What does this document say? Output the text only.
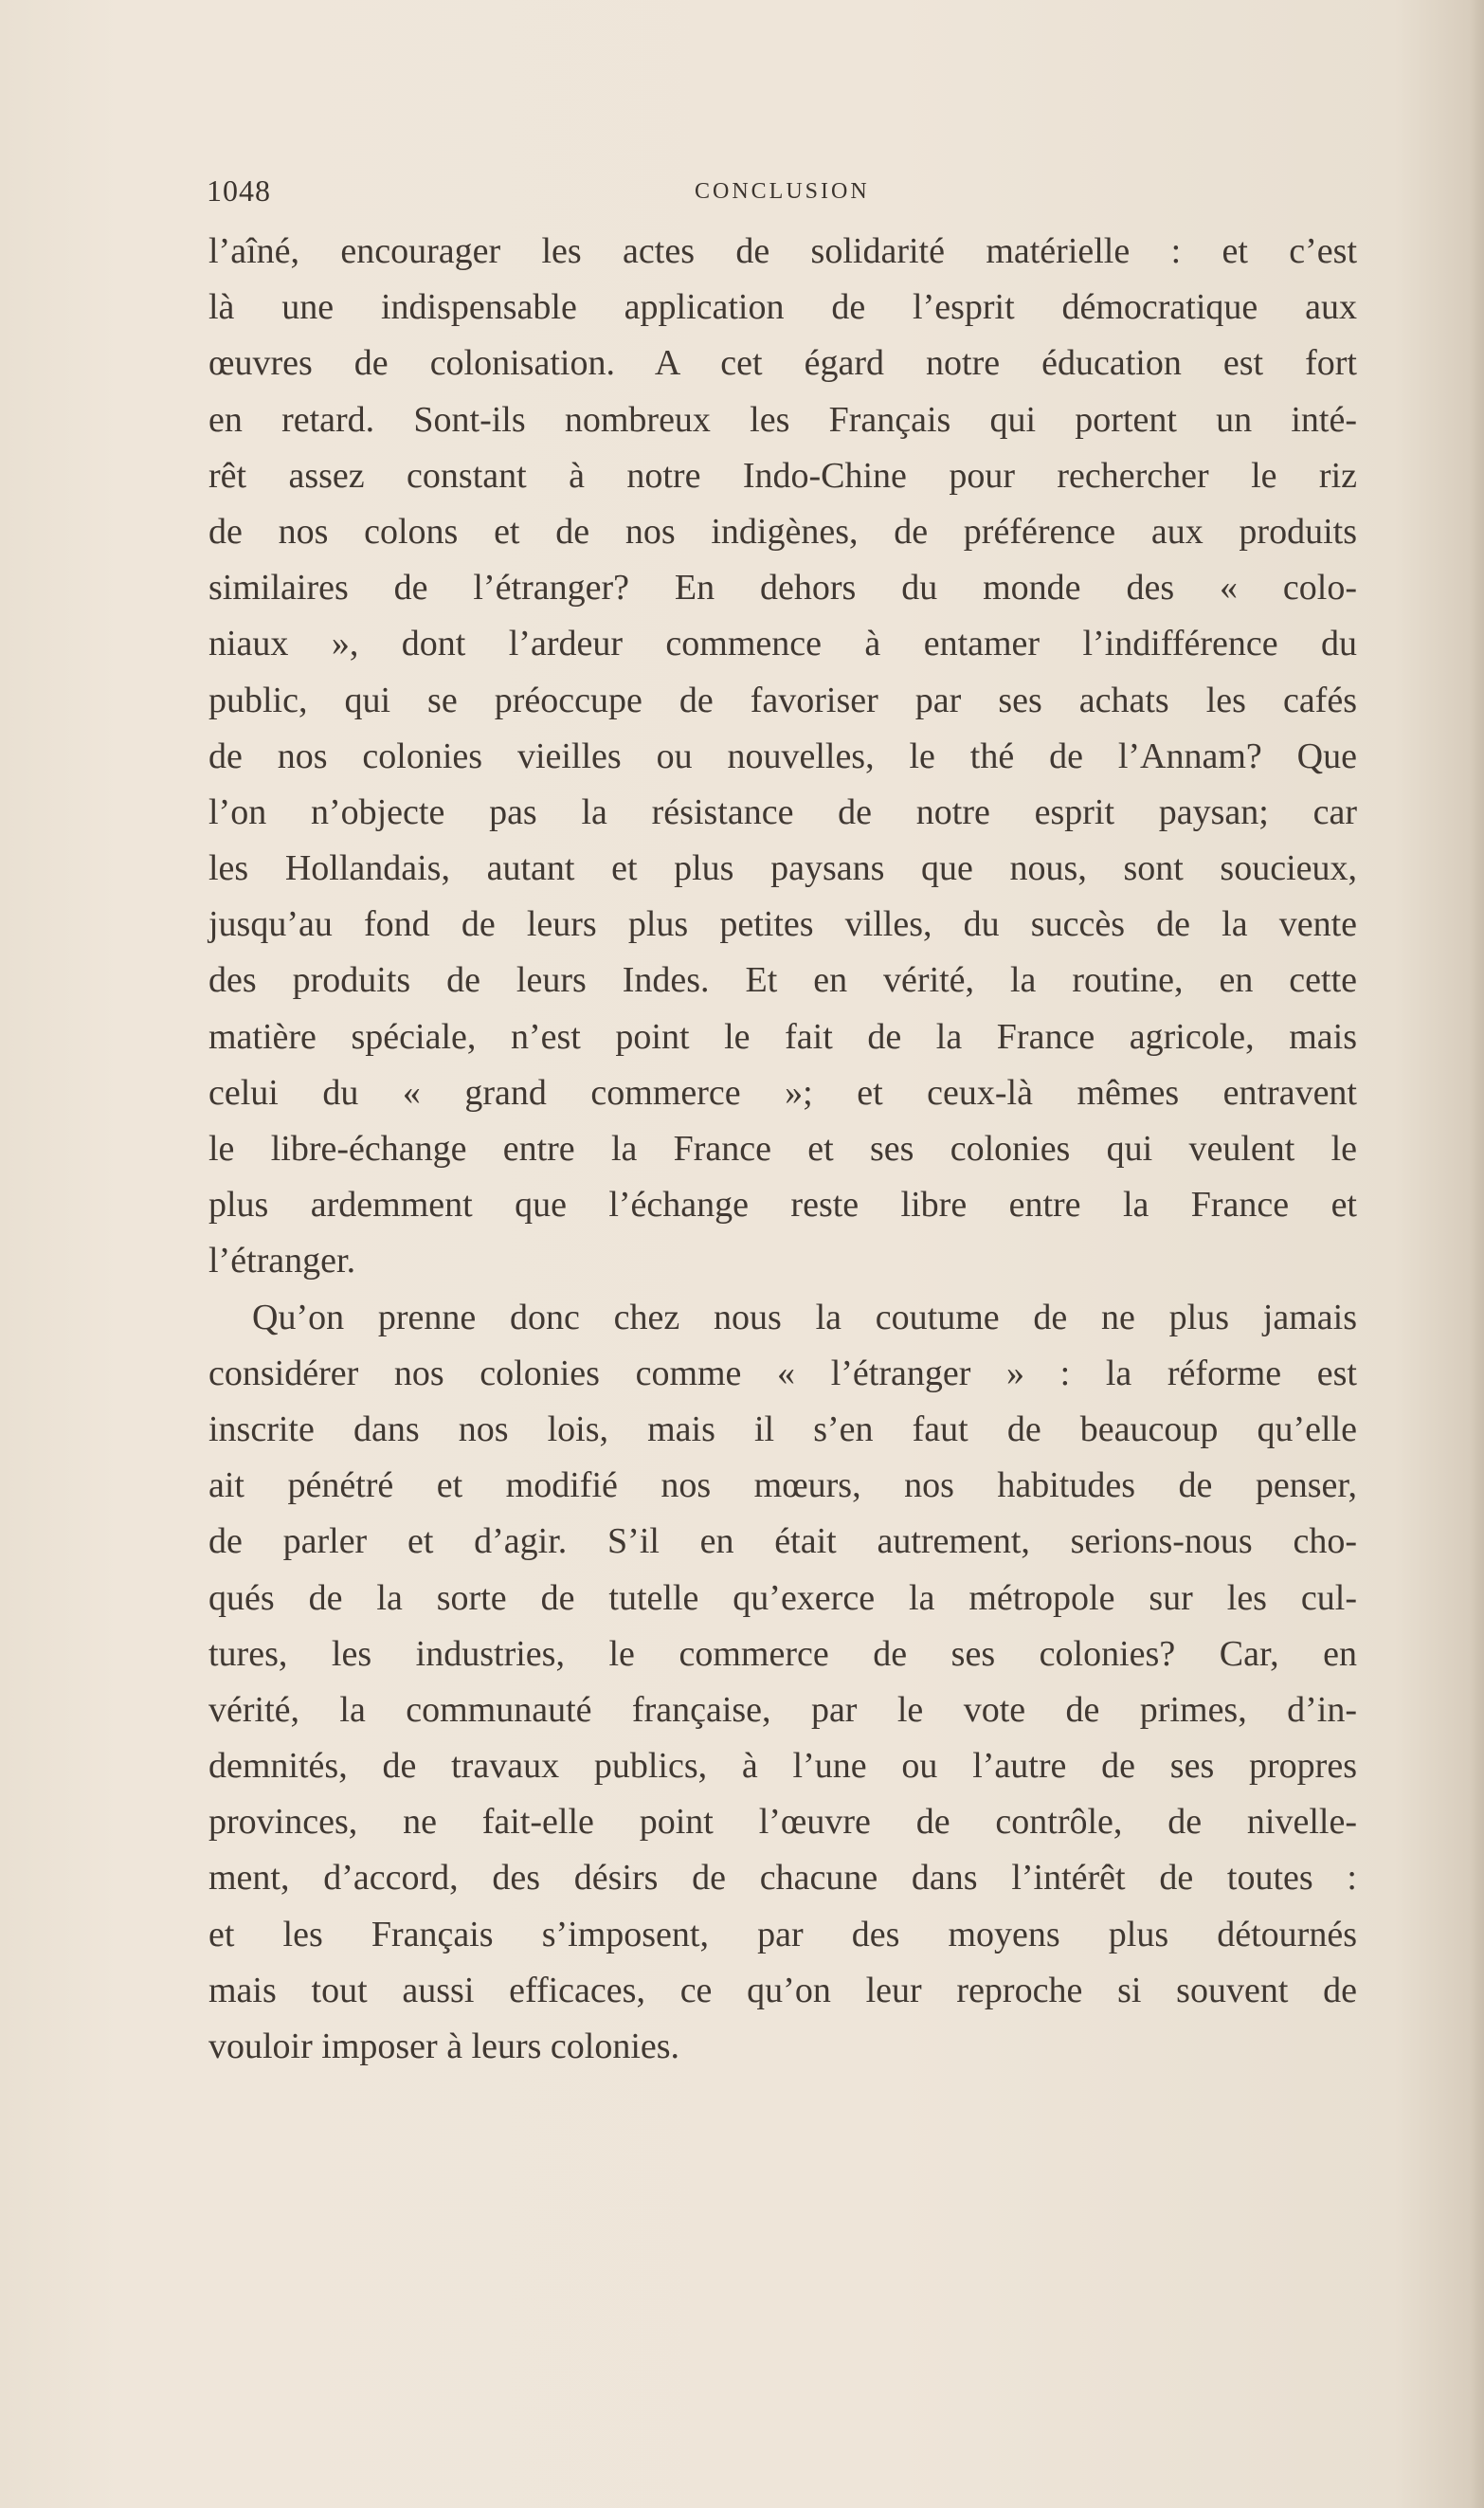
1048	CONCLUSION
l’aîné, encourager les actes de solidarité matérielle : et c’est
là une indispensable application de l’esprit démocratique aux
œuvres de colonisation. A cet égard notre éducation est fort
en retard. Sont-ils nombreux les Français qui portent un inté-
rêt assez constant à notre Indo-Chine pour rechercher le riz
de nos colons et de nos indigènes, de préférence aux produits
similaires de l’étranger? En dehors du monde des « colo-
niaux », dont l’ardeur commence à entamer l’indifférence du
public, qui se préoccupe de favoriser par ses achats les cafés
de nos colonies vieilles ou nouvelles, le thé de l’Annam? Que
l’on n’objecte pas la résistance de notre esprit paysan; car
les Hollandais, autant et plus paysans que nous, sont soucieux,
jusqu’au fond de leurs plus petites villes, du succès de la vente
des produits de leurs Indes. Et en vérité, la routine, en cette
matière spéciale, n’est point le fait de la France agricole, mais
celui du « grand commerce »; et ceux-là mêmes entravent
le libre-échange entre la France et ses colonies qui veulent le
plus ardemment que l’échange reste libre entre la France et
l’étranger.
Qu’on prenne donc chez nous la coutume de ne plus jamais
considérer nos colonies comme « l’étranger » : la réforme est
inscrite dans nos lois, mais il s’en faut de beaucoup qu’elle
ait pénétré et modifié nos mœurs, nos habitudes de penser,
de parler et d’agir. S’il en était autrement, serions-nous cho-
qués de la sorte de tutelle qu’exerce la métropole sur les cul-
tures, les industries, le commerce de ses colonies? Car, en
vérité, la communauté française, par le vote de primes, d’in-
demnités, de travaux publics, à l’une ou l’autre de ses propres
provinces, ne fait-elle point l’œuvre de contrôle, de nivelle-
ment, d’accord, des désirs de chacune dans l’intérêt de toutes :
et les Français s’imposent, par des moyens plus détournés
mais tout aussi efficaces, ce qu’on leur reproche si souvent de
vouloir imposer à leurs colonies.
